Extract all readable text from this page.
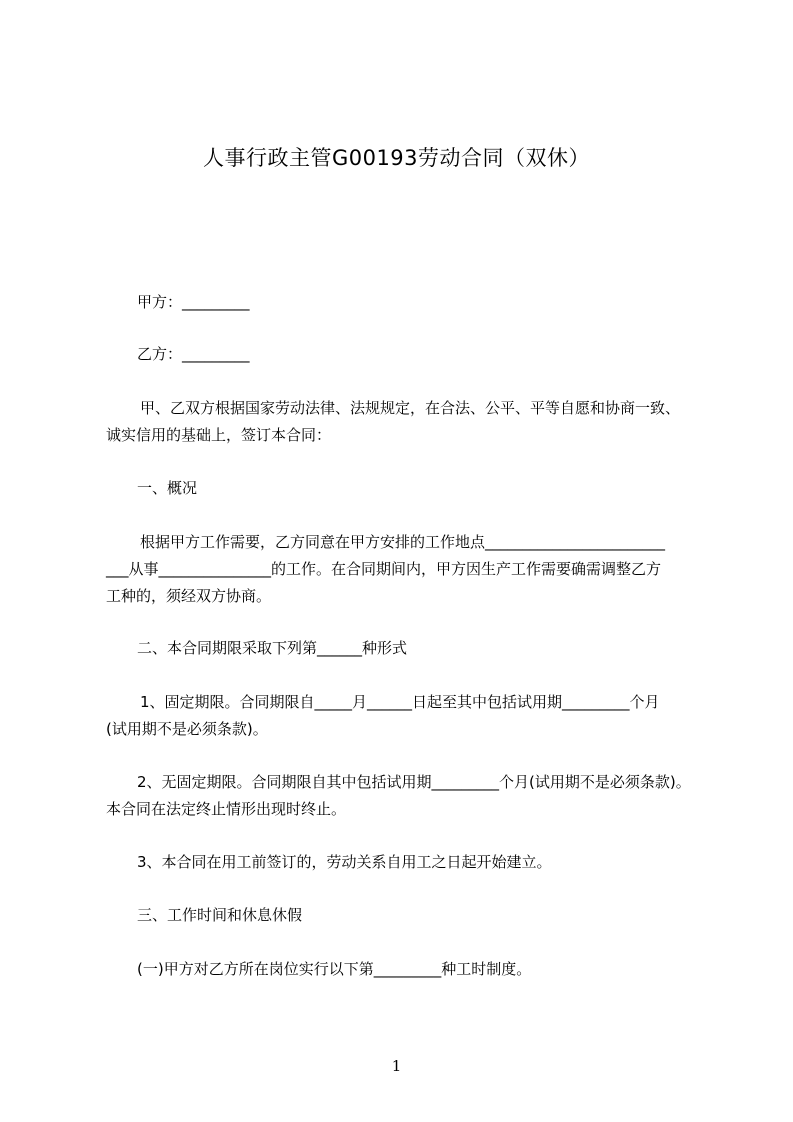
人事行政主管G00193劳动合同（双休）
甲方：_________
乙方：_________
甲、乙双方根据国家劳动法律、法规规定，在合法、公平、平等自愿和协商一致、
诚实信用的基础上，签订本合同：
一、概况
根据甲方工作需要，乙方同意在甲方安排的工作地点________________________
___从事_______________的工作。在合同期间内，甲方因生产工作需要确需调整乙方
工种的，须经双方协商。
二、本合同期限采取下列第______种形式
1、固定期限。合同期限自_____月______日起至其中包括试用期_________个月
(试用期不是必须条款)。
2、无固定期限。合同期限自其中包括试用期_________个月(试用期不是必须条款)。
本合同在法定终止情形出现时终止。
3、本合同在用工前签订的，劳动关系自用工之日起开始建立。
三、工作时间和休息休假
(一)甲方对乙方所在岗位实行以下第_________种工时制度。
1
